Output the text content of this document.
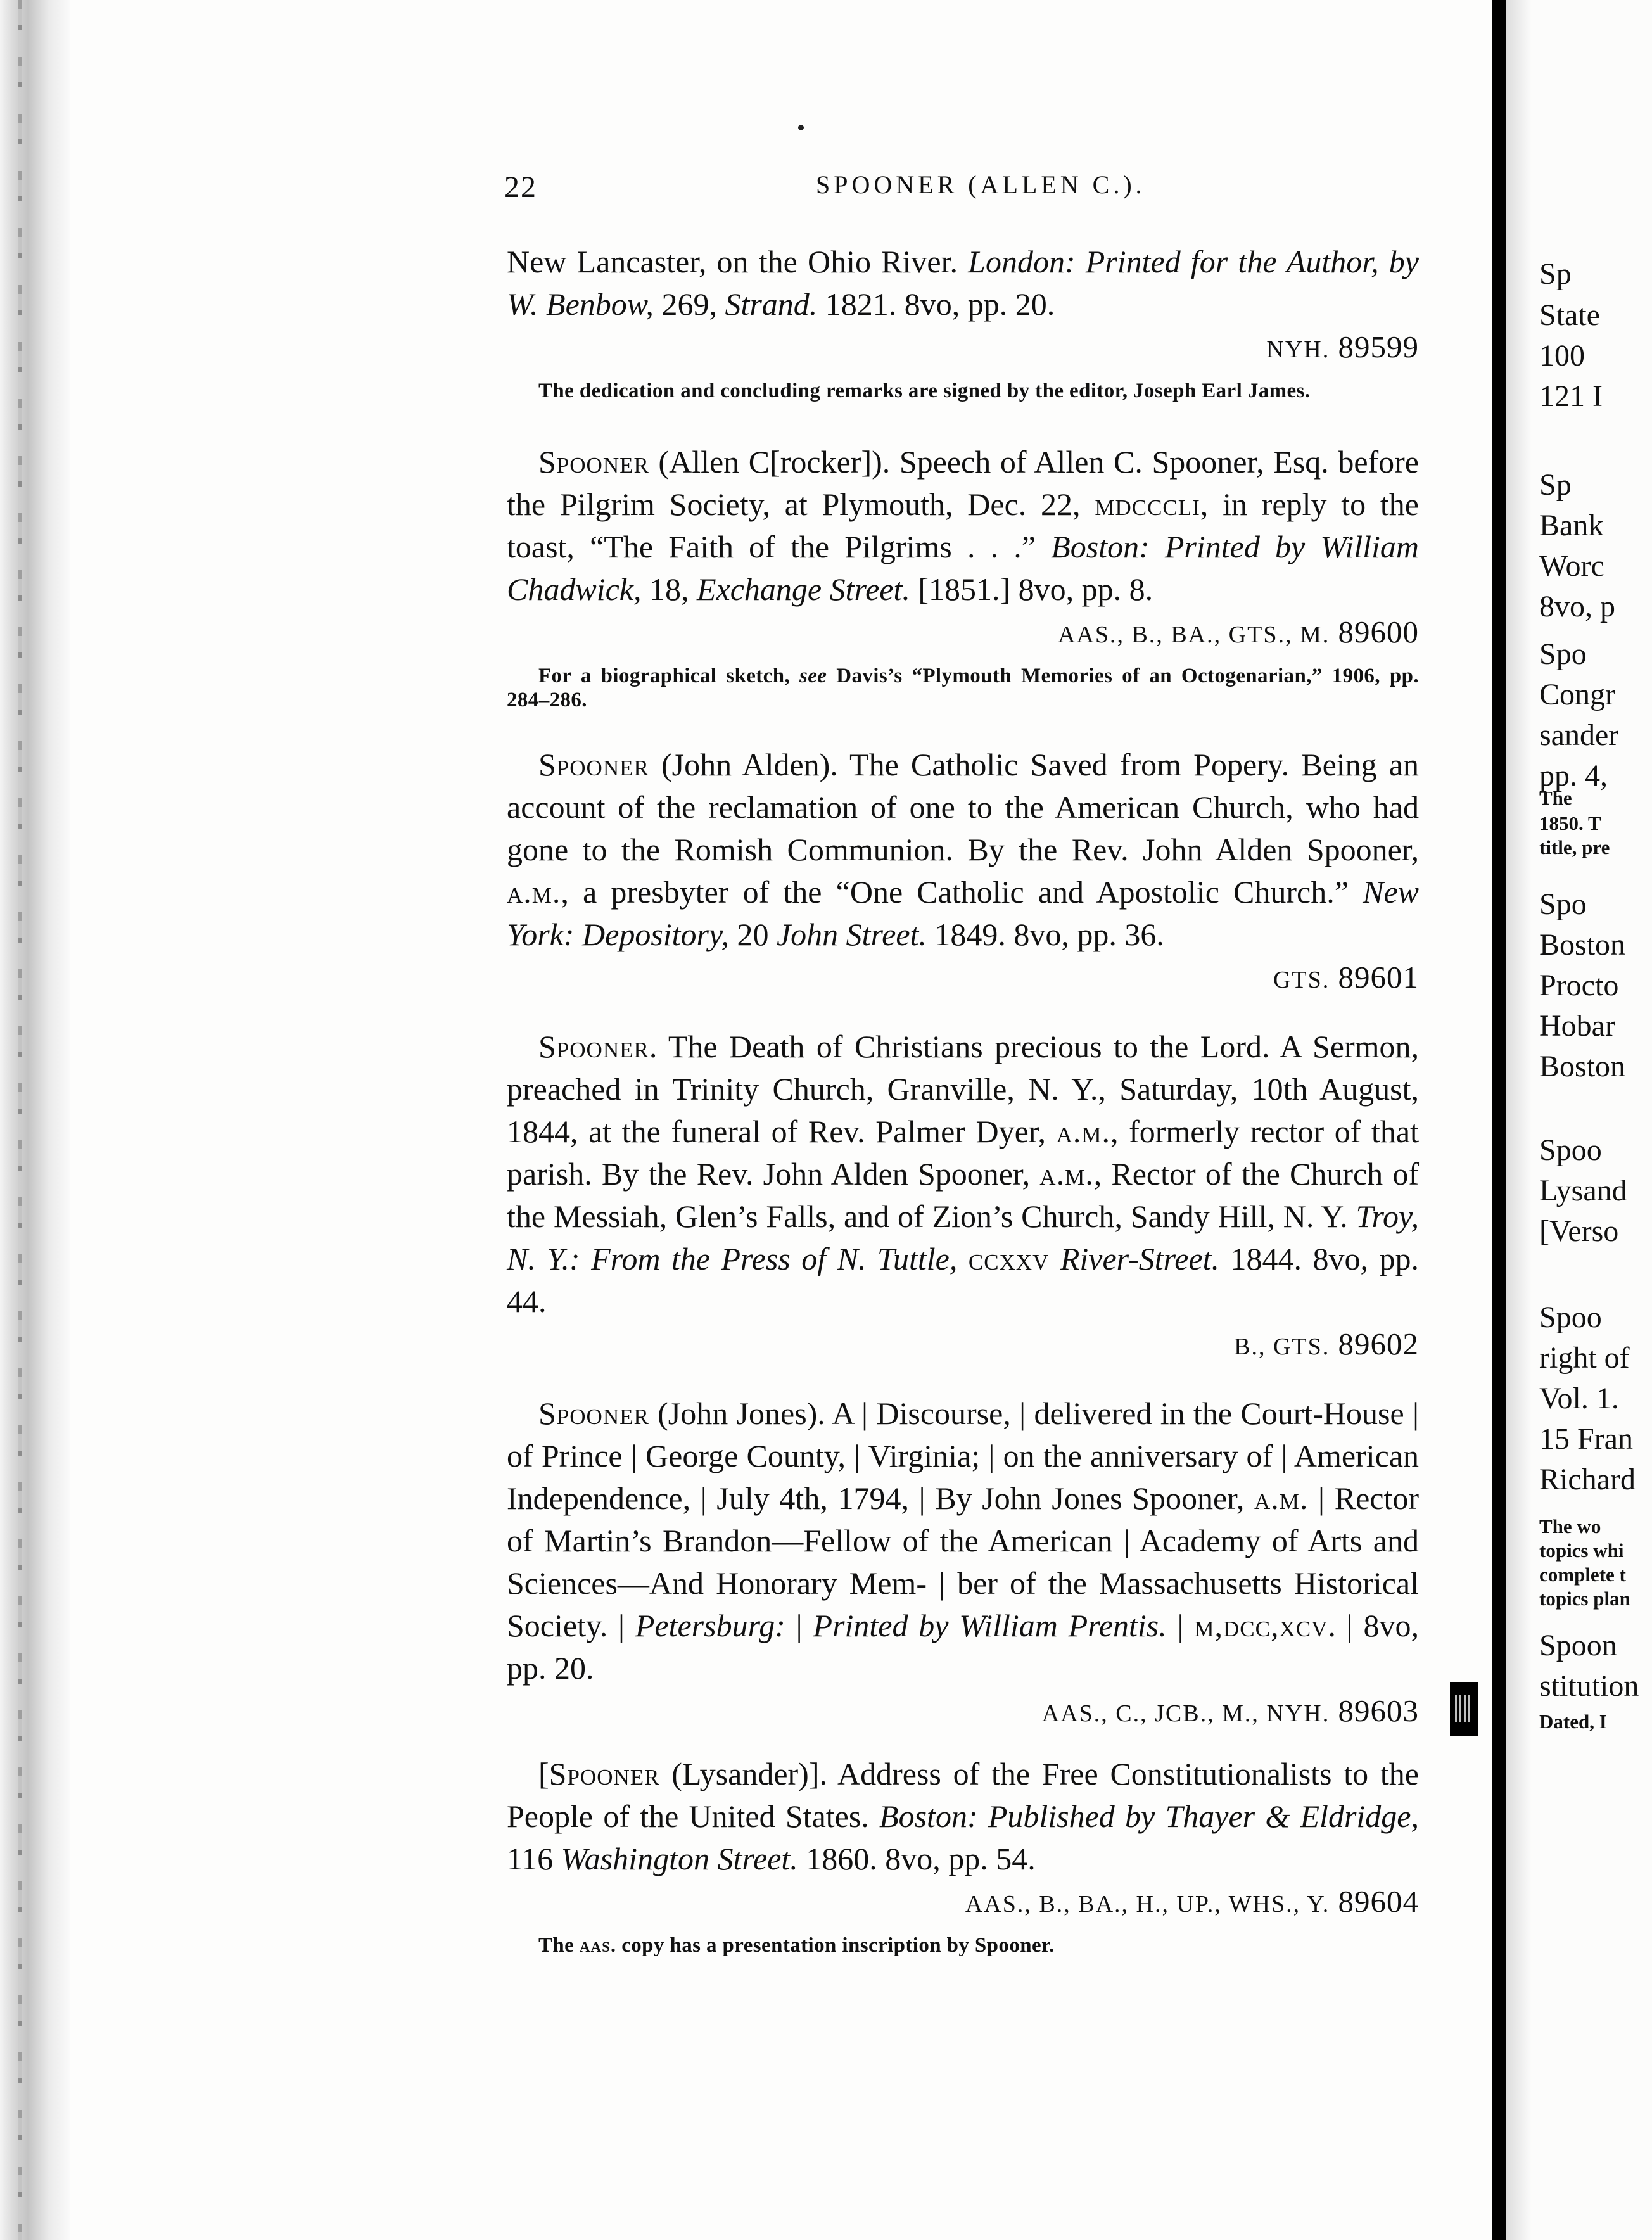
22	SPOONER (ALLEN C.).

New Lancaster, on the Ohio River. London: Printed for the Author, by W. Benbow, 269, Strand. 1821. 8vo, pp. 20.

NYH. 89599

The dedication and concluding remarks are signed by the editor, Joseph Earl James.

Spooner (Allen C[rocker]). Speech of Allen C. Spooner, Esq. before the Pilgrim Society, at Plymouth, Dec. 22, mdcccli, in reply to the toast, “The Faith of the Pilgrims . . .” Boston: Printed by William Chadwick, 18, Exchange Street. [1851.] 8vo, pp. 8.

AAS., B., BA., GTS., M. 89600

For a biographical sketch, see Davis’s “Plymouth Memories of an Octogenarian,” 1906, pp. 284–286.

Spooner (John Alden). The Catholic Saved from Popery. Being an account of the reclamation of one to the American Church, who had gone to the Romish Communion. By the Rev. John Alden Spooner, a.m., a presbyter of the “One Catholic and Apostolic Church.” New York: Depository, 20 John Street. 1849. 8vo, pp. 36.

GTS. 89601

Spooner. The Death of Christians precious to the Lord. A Sermon, preached in Trinity Church, Granville, N. Y., Saturday, 10th August, 1844, at the funeral of Rev. Palmer Dyer, a.m., formerly rector of that parish. By the Rev. John Alden Spooner, a.m., Rector of the Church of the Messiah, Glen’s Falls, and of Zion’s Church, Sandy Hill, N. Y. Troy, N. Y.: From the Press of N. Tuttle, ccxxv River-Street. 1844. 8vo, pp. 44.

B., GTS. 89602

Spooner (John Jones). A | Discourse, | delivered in the Court-House | of Prince | George County, | Virginia; | on the anniversary of | American Independence, | July 4th, 1794, | By John Jones Spooner, a.m. | Rector of Martin’s Brandon—Fellow of the American | Academy of Arts and Sciences—And Honorary Mem- | ber of the Massachusetts Historical Society. | Petersburg: | Printed by William Prentis. | m,dcc,xcv. | 8vo, pp. 20.

AAS., C., JCB., M., NYH. 89603

[Spooner (Lysander)]. Address of the Free Constitutionalists to the People of the United States. Boston: Published by Thayer & Eldridge, 116 Washington Street. 1860. 8vo, pp. 54.

AAS., B., BA., H., UP., WHS., Y. 89604

The aas. copy has a presentation inscription by Spooner.

Sp
State
100
121 I
Sp
Bank
Worc
8vo, p
Spo
Congr
sander
pp. 4,
The
1850. T
title, pre
Spo
Boston
Procto
Hobar
Boston
Spoo
Lysand
[Verso
Spoo
right of
Vol. 1.
15 Fran
Richard
The wo
topics whi
complete t
topics plan
Spoon
stitution
Dated, I
